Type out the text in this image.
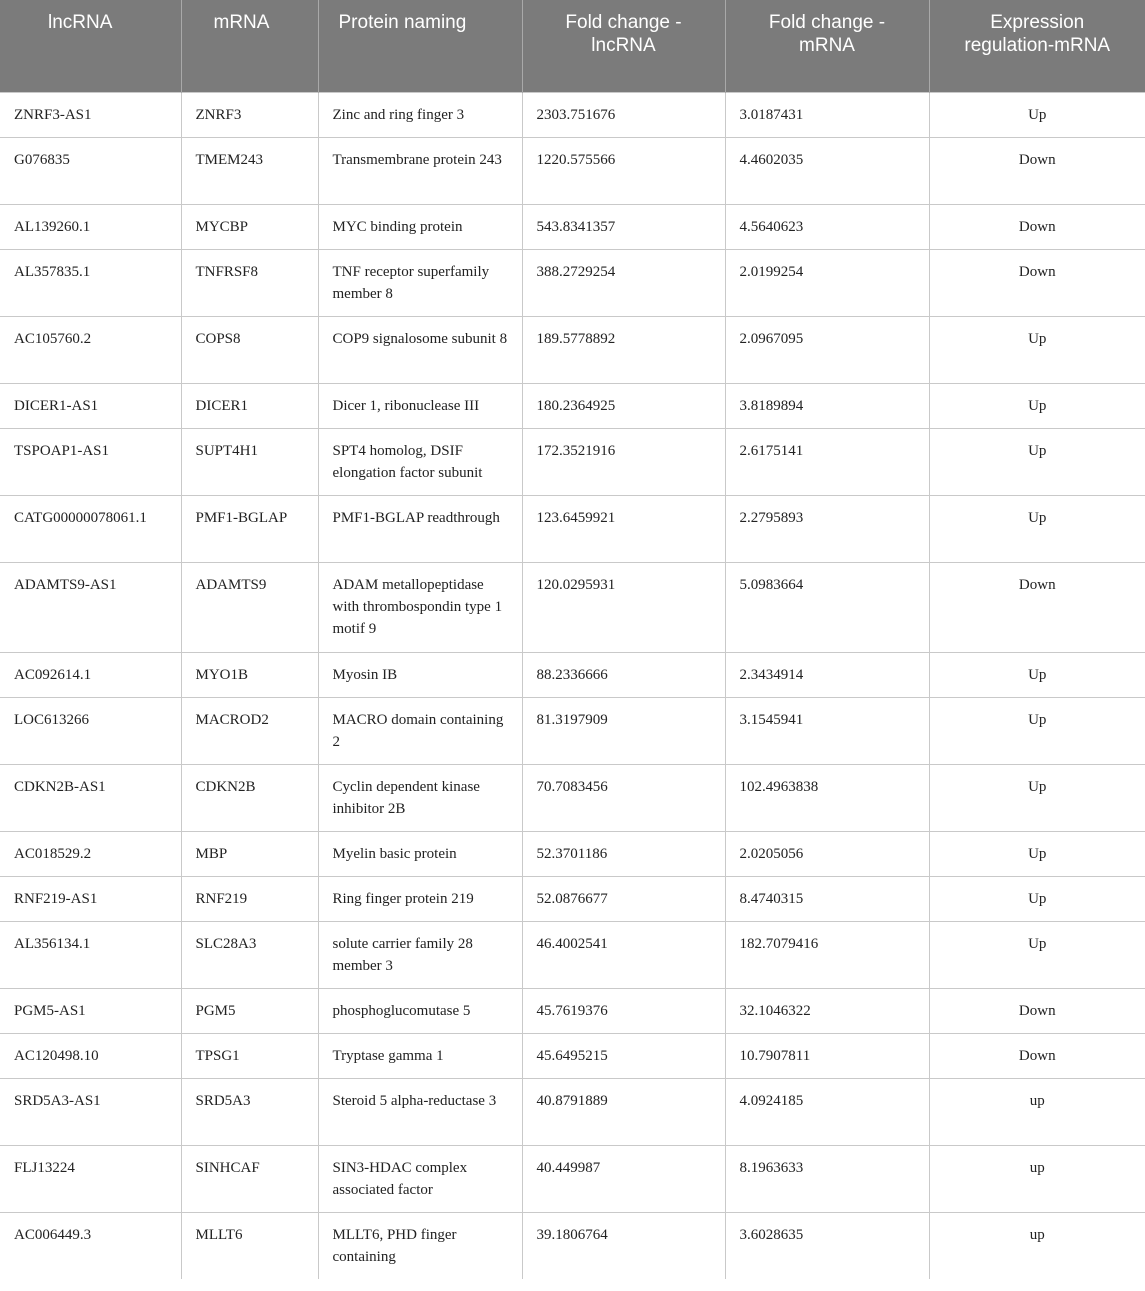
lncRNA	mRNA	Protein naming	Fold change -lncRNA	Fold change - mRNA	Expression regulation-mRNA
ZNRF3-AS1	ZNRF3	Zinc and ring finger 3	2303.751676	3.0187431	Up
G076835	TMEM243	Transmembrane protein 243	1220.575566	4.4602035	Down
AL139260.1	MYCBP	MYC binding protein	543.8341357	4.5640623	Down
AL357835.1	TNFRSF8	TNF receptor superfamily member 8	388.2729254	2.0199254	Down
AC105760.2	COPS8	COP9 signalosome subunit 8	189.5778892	2.0967095	Up
DICER1-AS1	DICER1	Dicer 1, ribonuclease III	180.2364925	3.8189894	Up
TSPOAP1-AS1	SUPT4H1	SPT4 homolog, DSIF elongation factor subunit	172.3521916	2.6175141	Up
CATG00000078061.1	PMF1-BGLAP	PMF1-BGLAP readthrough	123.6459921	2.2795893	Up
ADAMTS9-AS1	ADAMTS9	ADAM metallopeptidase with thrombospondin type 1 motif 9	120.0295931	5.0983664	Down
AC092614.1	MYO1B	Myosin IB	88.2336666	2.3434914	Up
LOC613266	MACROD2	MACRO domain containing 2	81.3197909	3.1545941	Up
CDKN2B-AS1	CDKN2B	Cyclin dependent kinase inhibitor 2B	70.7083456	102.4963838	Up
AC018529.2	MBP	Myelin basic protein	52.3701186	2.0205056	Up
RNF219-AS1	RNF219	Ring finger protein 219	52.0876677	8.4740315	Up
AL356134.1	SLC28A3	solute carrier family 28 member 3	46.4002541	182.7079416	Up
PGM5-AS1	PGM5	phosphoglucomutase 5	45.7619376	32.1046322	Down
AC120498.10	TPSG1	Tryptase gamma 1	45.6495215	10.7907811	Down
SRD5A3-AS1	SRD5A3	Steroid 5 alpha-reductase 3	40.8791889	4.0924185	up
FLJ13224	SINHCAF	SIN3-HDAC complex associated factor	40.449987	8.1963633	up
AC006449.3	MLLT6	MLLT6, PHD finger containing	39.1806764	3.6028635	up
